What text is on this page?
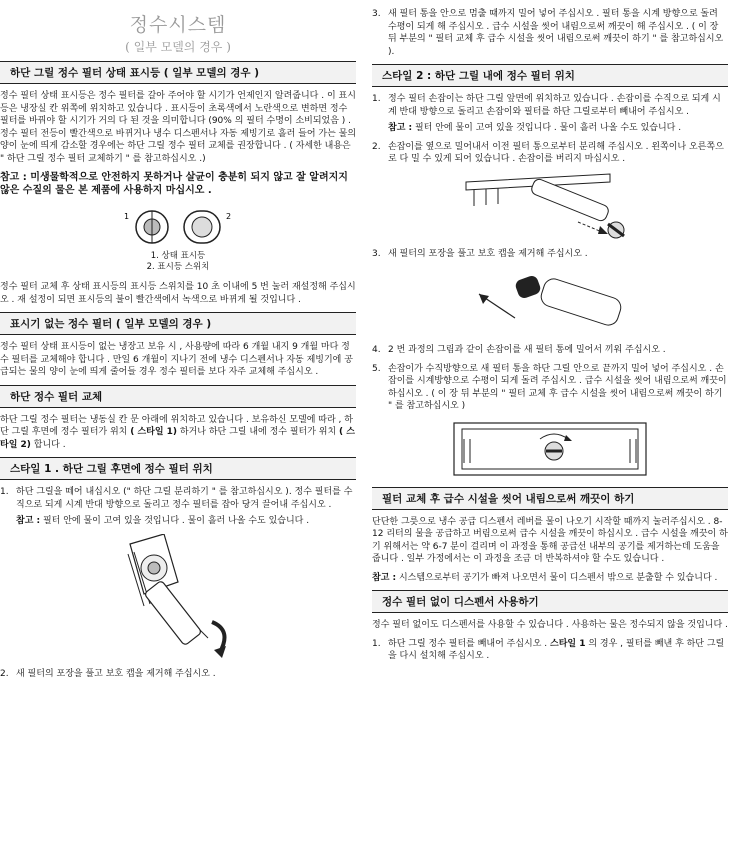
정수시스템
( 일부 모델의 경우 )
하단 그릴 정수 필터 상태 표시등 ( 일부 모델의 경우 )

정수 필터 상태 표시등은 정수 필터를 갈아 주어야 할 시기가 언제인지 알려줍니다 . 이 표시등은 냉장실 칸 위쪽에 위치하고 있습니다 . 표시등이 초록색에서 노란색으로 변하면 정수 필터를 바꿔야 할 시기가 거의 다 된 것을 의미합니다 (90% 의 필터 수명이 소비되었음 ) . 정수 필터 전등이 빨간색으로 바뀌거나 냉수 디스펜서나 자동 제빙기로 흘러 들어 가는 물의 양이 눈에 띄게 감소할 경우에는 하단 그릴 정수 필터 교체를 권장합니다 . ( 자세한 내용은 " 하단 그릴 정수 필터 교체하기 " 를 참고하십시오 .)

참고 : 미생물학적으로 안전하지 못하거나 살균이 충분히 되지 않고 잘 알려지지 않은 수질의 물은 본 제품에 사용하지 마십시오 .

1	2
1. 상태 표시등
2. 표시등 스위치

정수 필터 교체 후 상태 표시등의 표시등 스위치를 10 초 이내에 5 번 눌러 재설정해 주십시오 . 재 설정이 되면 표시등의 불이 빨간색에서 녹색으로 바뀌게 될 것입니다 .

표시기 없는 정수 필터 ( 일부 모델의 경우 )

정수 필터 상태 표시등이 없는 냉장고 보유 시 , 사용량에 따라 6 개월 내지 9 개월 마다 정수 필터를 교체해야 합니다 . 만일 6 개월이 지나기 전에 냉수 디스펜서나 자동 제빙기에 공급되는 물의 양이 눈에 띄게 줄어들 경우 정수 필터를 보다 자주 교체해 주십시오 .

하단 정수 필터 교체

하단 그릴 정수 필터는 냉동실 칸 문 아래에 위치하고 있습니다 . 보유하신 모델에 따라 , 하단 그릴 후면에 정수 필터가 위치 ( 스타일 1) 하거나 하단 그릴 내에 정수 필터가 위치 ( 스타일 2) 합니다 .

스타일 1 . 하단 그릴 후면에 정수 필터 위치
1. 하단 그릴을 떼어 내십시오 (" 하단 그릴 분리하기 " 를 참고하십시오 ). 정수 필터를 수직으로 되게 시계 반대 방향으로 돌리고 정수 필터를 잡아 당겨 끌어내 주십시오 .
참고 : 필터 안에 물이 고여 있을 것입니다 . 물이 흘러 나올 수도 있습니다 .
2. 새 필터의 포장을 풀고 보호 캡을 제거해 주십시오 .
3. 새 필터 통을 안으로 멈출 때까지 밀어 넣어 주십시오 . 필터 통을 시계 방향으로 돌려 수평이 되게 해 주십시오 . 급수 시설을 씻어 내림으로써 깨끗이 해 주십시오 . ( 이 장 뒤 부분의 " 필터 교체 후 급수 시설을 씻어 내림으로써 깨끗이 하기 " 를 참고하십시오 ).
스타일 2 : 하단 그릴 내에 정수 필터 위치
1. 정수 필터 손잡이는 하단 그릴 앞면에 위치하고 있습니다 . 손잡이를 수직으로 되게 시계 반대 방향으로 돌리고 손잡이와 필터를 하단 그릴로부터 빼내어 주십시오 .
참고 : 필터 안에 물이 고여 있을 것입니다 . 물이 흘러 나올 수도 있습니다 .
2. 손잡이를 옆으로 밀어내서 이전 필터 통으로부터 분리해 주십시오 . 왼쪽이나 오른쪽으로 다 밀 수 있게 되어 있습니다 . 손잡이를 버리지 마십시오 .
3. 새 필터의 포장을 풀고 보호 캡을 제거해 주십시오 .
4. 2 번 과정의 그림과 같이 손잡이를 새 필터 통에 밀어서 끼워 주십시오 .
5. 손잡이가 수직방향으로 새 필터 통을 하단 그릴 안으로 끝까지 밀어 넣어 주십시오 . 손잡이를 시계방향으로 수평이 되게 돌려 주십시오 . 급수 시설을 씻어 내림으로써 깨끗이 하십시오 . ( 이 장 뒤 부분의 " 필터 교체 후 급수 시설을 씻어 내림으로써 깨끗이 하기 " 를 참고하십시오 )
필터 교체 후 급수 시설을 씻어 내림으로써 깨끗이 하기

단단한 그릇으로 냉수 공급 디스펜서 레버를 물이 나오기 시작할 때까지 눌러주십시오 . 8-12 리터의 물을 공급하고 버림으로써 급수 시설을 깨끗이 하십시오 . 급수 시설을 깨끗이 하기 위해서는 약 6-7 분이 걸리며 이 과정을 통해 공급선 내부의 공기를 제거하는데 도움을 줍니다 . 일부 가정에서는 이 과정을 조금 더 반복하셔야 할 수도 있습니다 .

참고 : 시스템으로부터 공기가 빠져 나오면서 물이 디스펜서 밖으로 분출할 수 있습니다 .

정수 필터 없이 디스펜서 사용하기

정수 필터 없이도 디스펜서를 사용할 수 있습니다 . 사용하는 물은 정수되지 않을 것입니다 .

1. 하단 그릴 정수 필터를 빼내어 주십시오 . 스타일 1 의 경우 , 필터를 빼낸 후 하단 그릴을 다시 설치해 주십시오 .
